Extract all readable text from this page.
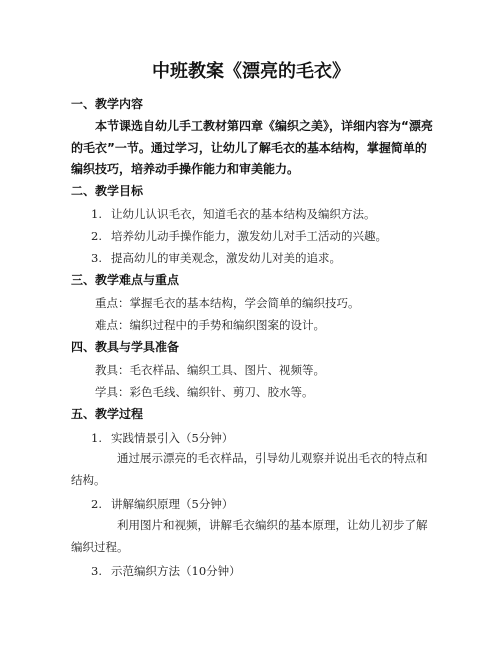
中班教案《漂亮的毛衣》
一、教学内容
本节课选自幼儿手工教材第四章《编织之美》，详细内容为“漂亮的毛衣”一节。通过学习，让幼儿了解毛衣的基本结构，掌握简单的编织技巧，培养动手操作能力和审美能力。
二、教学目标
1. 让幼儿认识毛衣，知道毛衣的基本结构及编织方法。
2. 培养幼儿动手操作能力，激发幼儿对手工活动的兴趣。
3. 提高幼儿的审美观念，激发幼儿对美的追求。
三、教学难点与重点
重点：掌握毛衣的基本结构，学会简单的编织技巧。
难点：编织过程中的手势和编织图案的设计。
四、教具与学具准备
教具：毛衣样品、编织工具、图片、视频等。
学具：彩色毛线、编织针、剪刀、胶水等。
五、教学过程
1. 实践情景引入（5分钟）
通过展示漂亮的毛衣样品，引导幼儿观察并说出毛衣的特点和结构。
2. 讲解编织原理（5分钟）
利用图片和视频，讲解毛衣编织的基本原理，让幼儿初步了解编织过程。
3. 示范编织方法（10分钟）
